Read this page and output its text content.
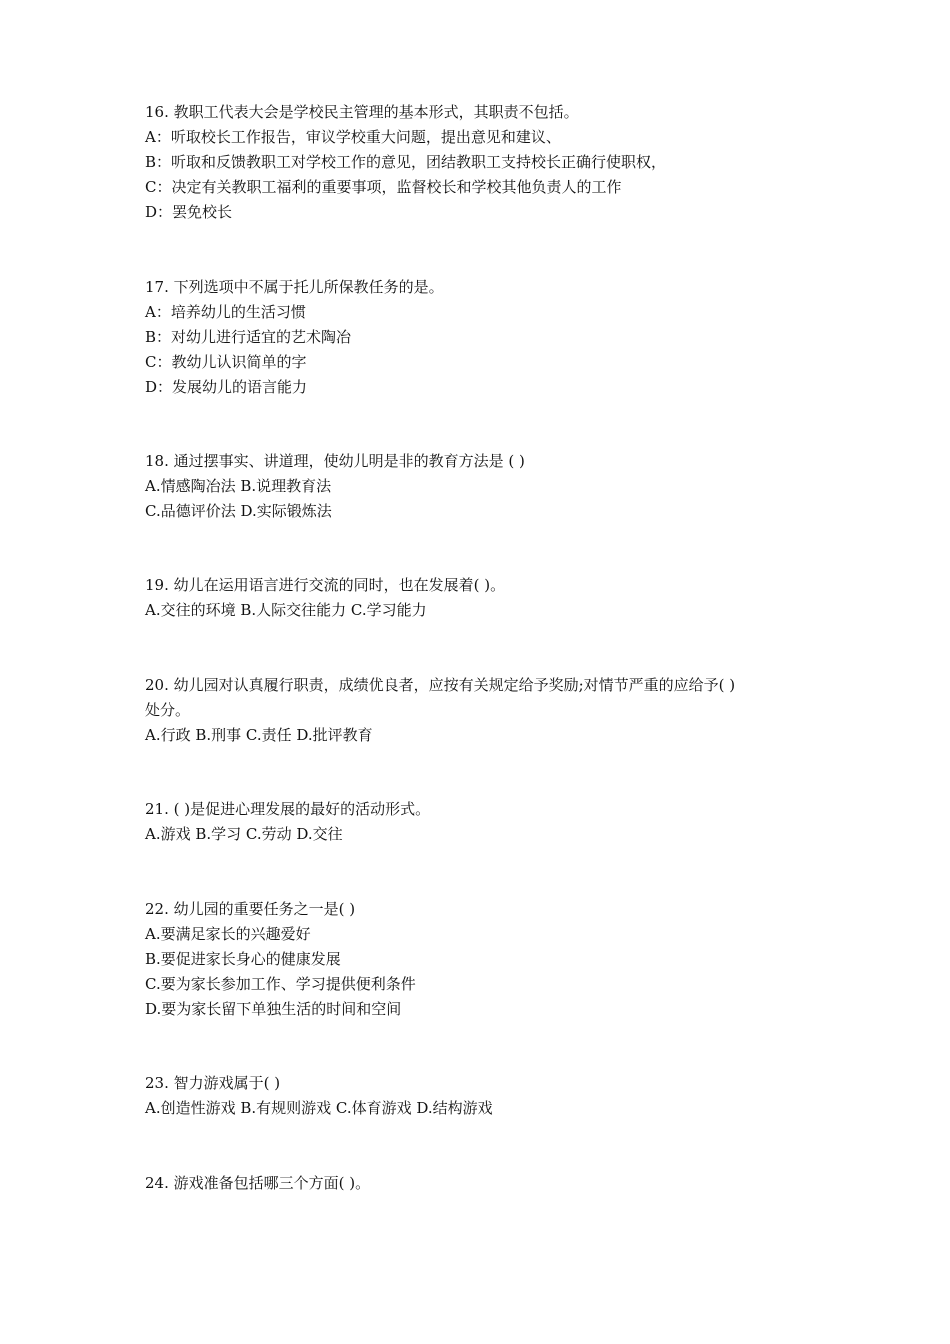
16. 教职工代表大会是学校民主管理的基本形式，其职责不包括。
A：听取校长工作报告，审议学校重大问题，提出意见和建议、
B：听取和反馈教职工对学校工作的意见，团结教职工支持校长正确行使职权，
C：决定有关教职工福利的重要事项，监督校长和学校其他负责人的工作
D：罢免校长
17. 下列选项中不属于托儿所保教任务的是。
A：培养幼儿的生活习惯
B：对幼儿进行适宜的艺术陶冶
C：教幼儿认识简单的字
D：发展幼儿的语言能力
18. 通过摆事实、讲道理，使幼儿明是非的教育方法是 ( )
A.情感陶冶法 B.说理教育法
C.品德评价法 D.实际锻炼法
19. 幼儿在运用语言进行交流的同时，也在发展着( )。
A.交往的环境 B.人际交往能力 C.学习能力
20. 幼儿园对认真履行职责，成绩优良者，应按有关规定给予奖励;对情节严重的应给予( )
处分。
A.行政 B.刑事 C.责任 D.批评教育
21. ( )是促进心理发展的最好的活动形式。
A.游戏 B.学习 C.劳动 D.交往
22. 幼儿园的重要任务之一是( )
A.要满足家长的兴趣爱好
B.要促进家长身心的健康发展
C.要为家长参加工作、学习提供便利条件
D.要为家长留下单独生活的时间和空间
23. 智力游戏属于( )
A.创造性游戏 B.有规则游戏 C.体育游戏 D.结构游戏
24. 游戏准备包括哪三个方面( )。
